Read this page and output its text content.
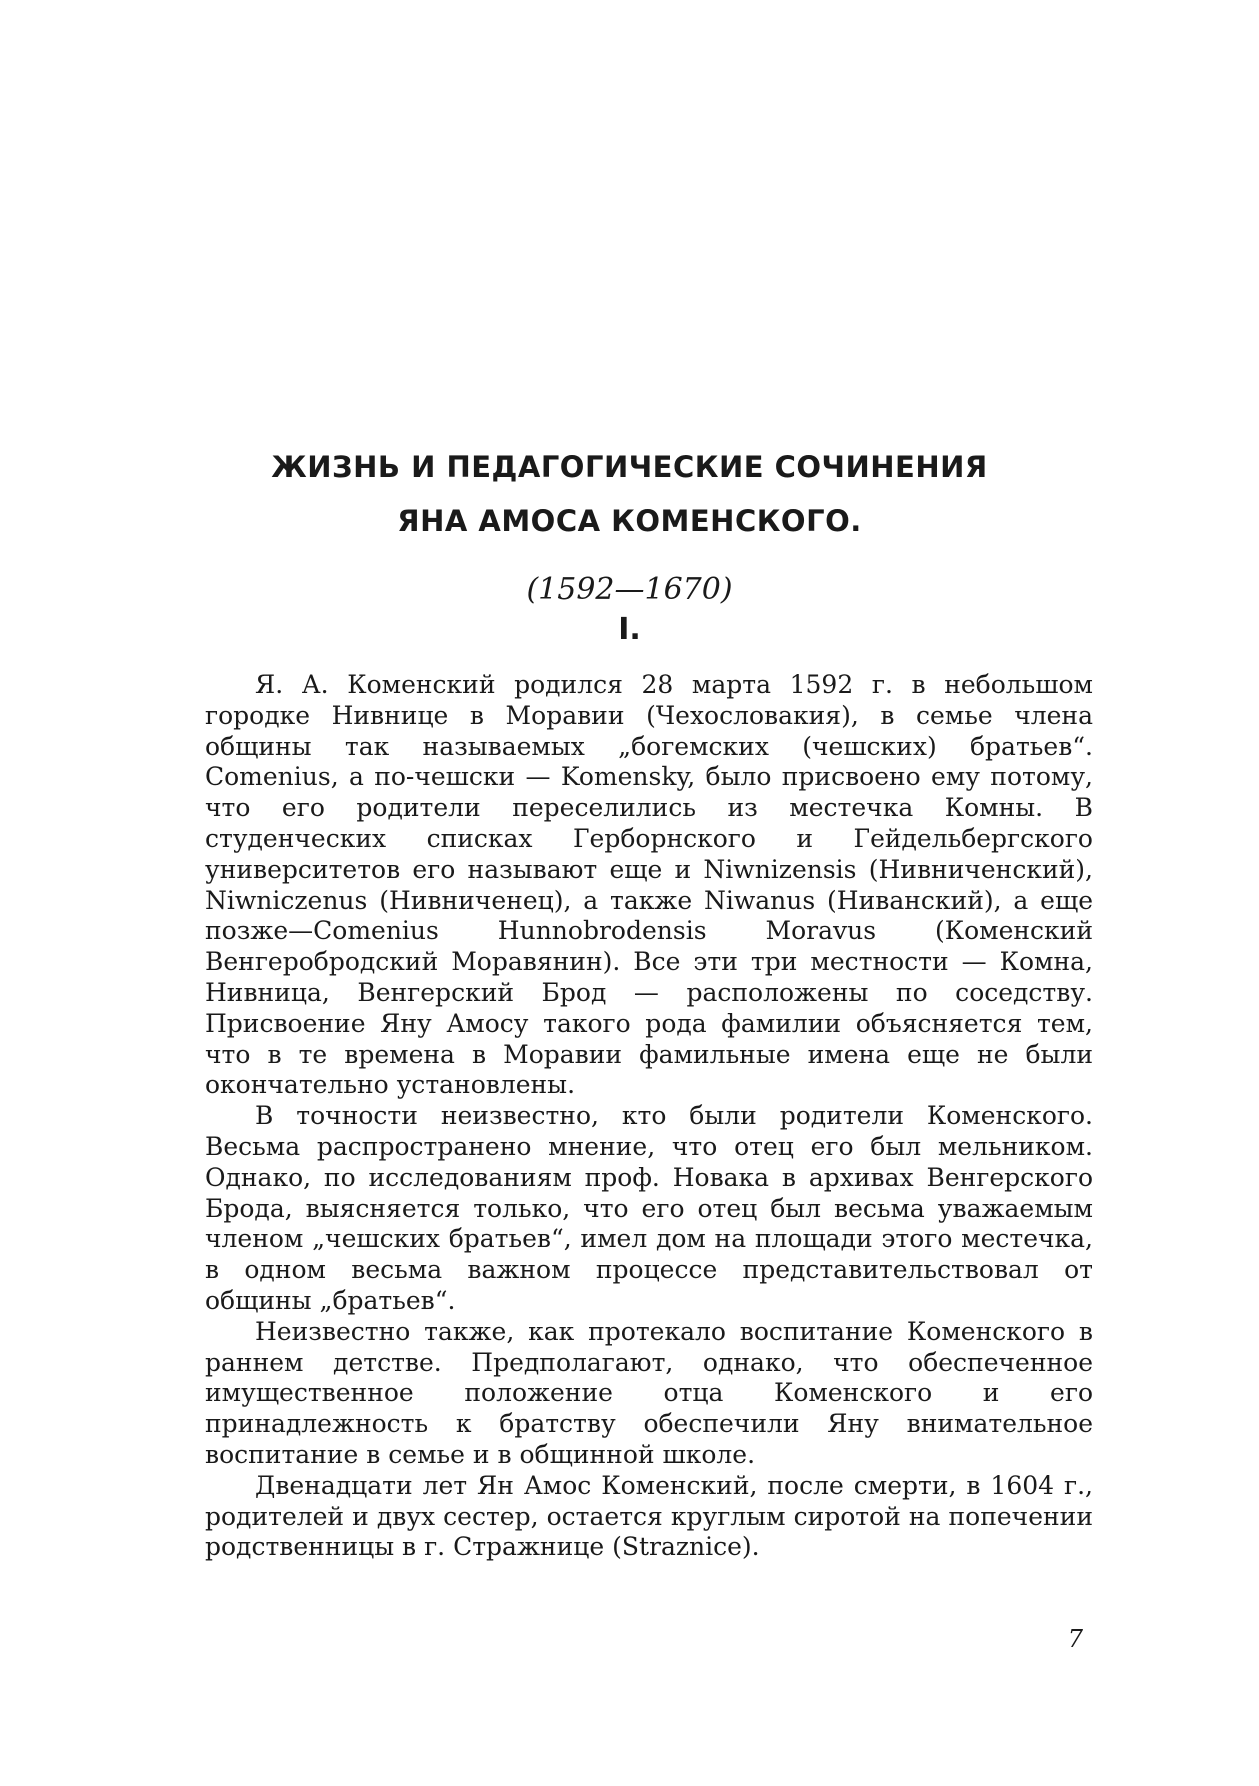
ЖИЗНЬ И ПЕДАГОГИЧЕСКИЕ СОЧИНЕНИЯ
ЯНА АМОСА КОМЕНСКОГО.
(1592—1670)
I.

Я. А. Коменский родился 28 марта 1592 г. в небольшом городке Нивнице в Моравии (Чехословакия), в семье члена общины так называемых „богемских (чешских) братьев“. Comenius, а по-чешски — Komensky, было присвоено ему потому, что его родители переселились из местечка Комны. В студенческих списках Герборнского и Гейдельбергского университетов его называют еще и Niwnizensis (Нивниченский), Niwniczenus (Нивниченец), а также Niwanus (Ниванский), а еще позже—Comenius Hunnobrodensis Moravus (Коменский Венгеробродский Моравянин). Все эти три местности — Комна, Нивница, Венгерский Брод — расположены по соседству. Присвоение Яну Амосу такого рода фамилии объясняется тем, что в те времена в Моравии фамильные имена еще не были окончательно установлены.

В точности неизвестно, кто были родители Коменского. Весьма распространено мнение, что отец его был мельником. Однако, по исследованиям проф. Новака в архивах Венгерского Брода, выясняется только, что его отец был весьма уважаемым членом „чешских братьев“, имел дом на площади этого местечка, в одном весьма важном процессе представительствовал от общины „братьев“.

Неизвестно также, как протекало воспитание Коменского в раннем детстве. Предполагают, однако, что обеспеченное имущественное положение отца Коменского и его принадлежность к братству обеспечили Яну внимательное воспитание в семье и в общинной школе.

Двенадцати лет Ян Амос Коменский, после смерти, в 1604 г., родителей и двух сестер, остается круглым сиротой на попечении родственницы в г. Стражнице (Straznice).

7
